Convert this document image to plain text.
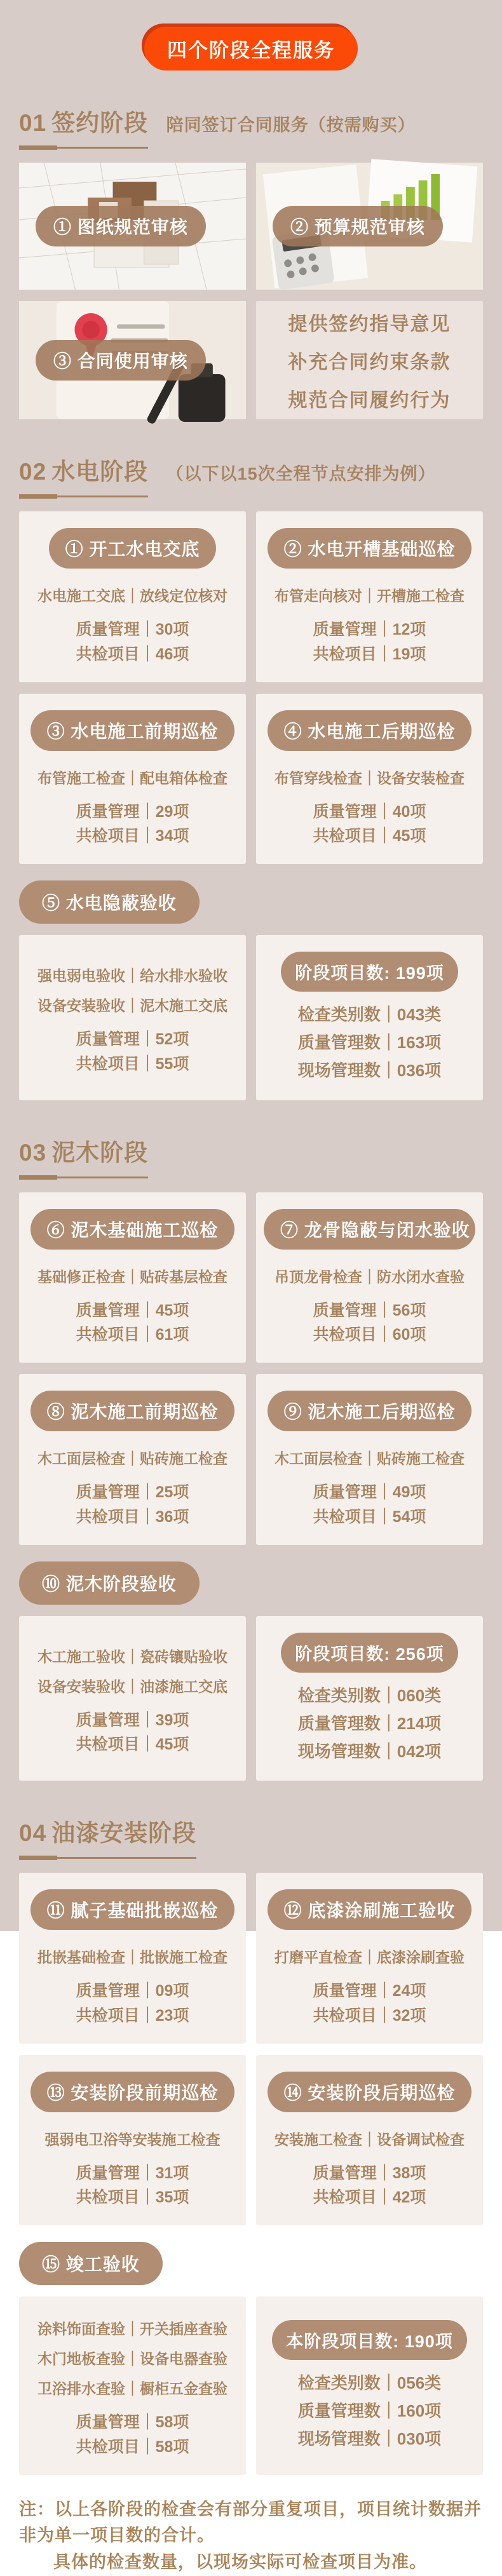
四个阶段全程服务
01 签约阶段 陪同签订合同服务（按需购买）
① 图纸规范审核	② 预算规范审核
③ 合同使用审核
提供签约指导意见
补充合同约束条款
规范合同履约行为
02 水电阶段 （以下以15次全程节点安排为例）
① 开工水电交底
水电施工交底｜放线定位核对
质量管理｜30项
共检项目｜46项
② 水电开槽基础巡检
布管走向核对｜开槽施工检查
质量管理｜12项
共检项目｜19项
③ 水电施工前期巡检
布管施工检查｜配电箱体检查
质量管理｜29项
共检项目｜34项
④ 水电施工后期巡检
布管穿线检查｜设备安装检查
质量管理｜40项
共检项目｜45项
⑤ 水电隐蔽验收
强电弱电验收｜给水排水验收
设备安装验收｜泥木施工交底
质量管理｜52项
共检项目｜55项
阶段项目数: 199项
检查类别数｜043类
质量管理数｜163项
现场管理数｜036项
03 泥木阶段
⑥ 泥木基础施工巡检
基础修正检查｜贴砖基层检查
质量管理｜45项
共检项目｜61项
⑦ 龙骨隐蔽与闭水验收
吊顶龙骨检查｜防水闭水查验
质量管理｜56项
共检项目｜60项
⑧ 泥木施工前期巡检
木工面层检查｜贴砖施工检查
质量管理｜25项
共检项目｜36项
⑨ 泥木施工后期巡检
木工面层检查｜贴砖施工检查
质量管理｜49项
共检项目｜54项
⑩ 泥木阶段验收
木工施工验收｜瓷砖镶贴验收
设备安装验收｜油漆施工交底
质量管理｜39项
共检项目｜45项
阶段项目数: 256项
检查类别数｜060类
质量管理数｜214项
现场管理数｜042项
04 油漆安装阶段
⑪ 腻子基础批嵌巡检
批嵌基础检查｜批嵌施工检查
质量管理｜09项
共检项目｜23项
⑫ 底漆涂刷施工验收
打磨平直检查｜底漆涂刷查验
质量管理｜24项
共检项目｜32项
⑬ 安装阶段前期巡检
强弱电卫浴等安装施工检查
质量管理｜31项
共检项目｜35项
⑭ 安装阶段后期巡检
安装施工检查｜设备调试检查
质量管理｜38项
共检项目｜42项
⑮ 竣工验收
涂料饰面查验｜开关插座查验
木门地板查验｜设备电器查验
卫浴排水查验｜橱柜五金查验
质量管理｜58项
共检项目｜58项
本阶段项目数: 190项
检查类别数｜056类
质量管理数｜160项
现场管理数｜030项
注：以上各阶段的检查会有部分重复项目，项目统计数据并非为单一项目数的合计。
具体的检查数量，以现场实际可检查项目为准。
